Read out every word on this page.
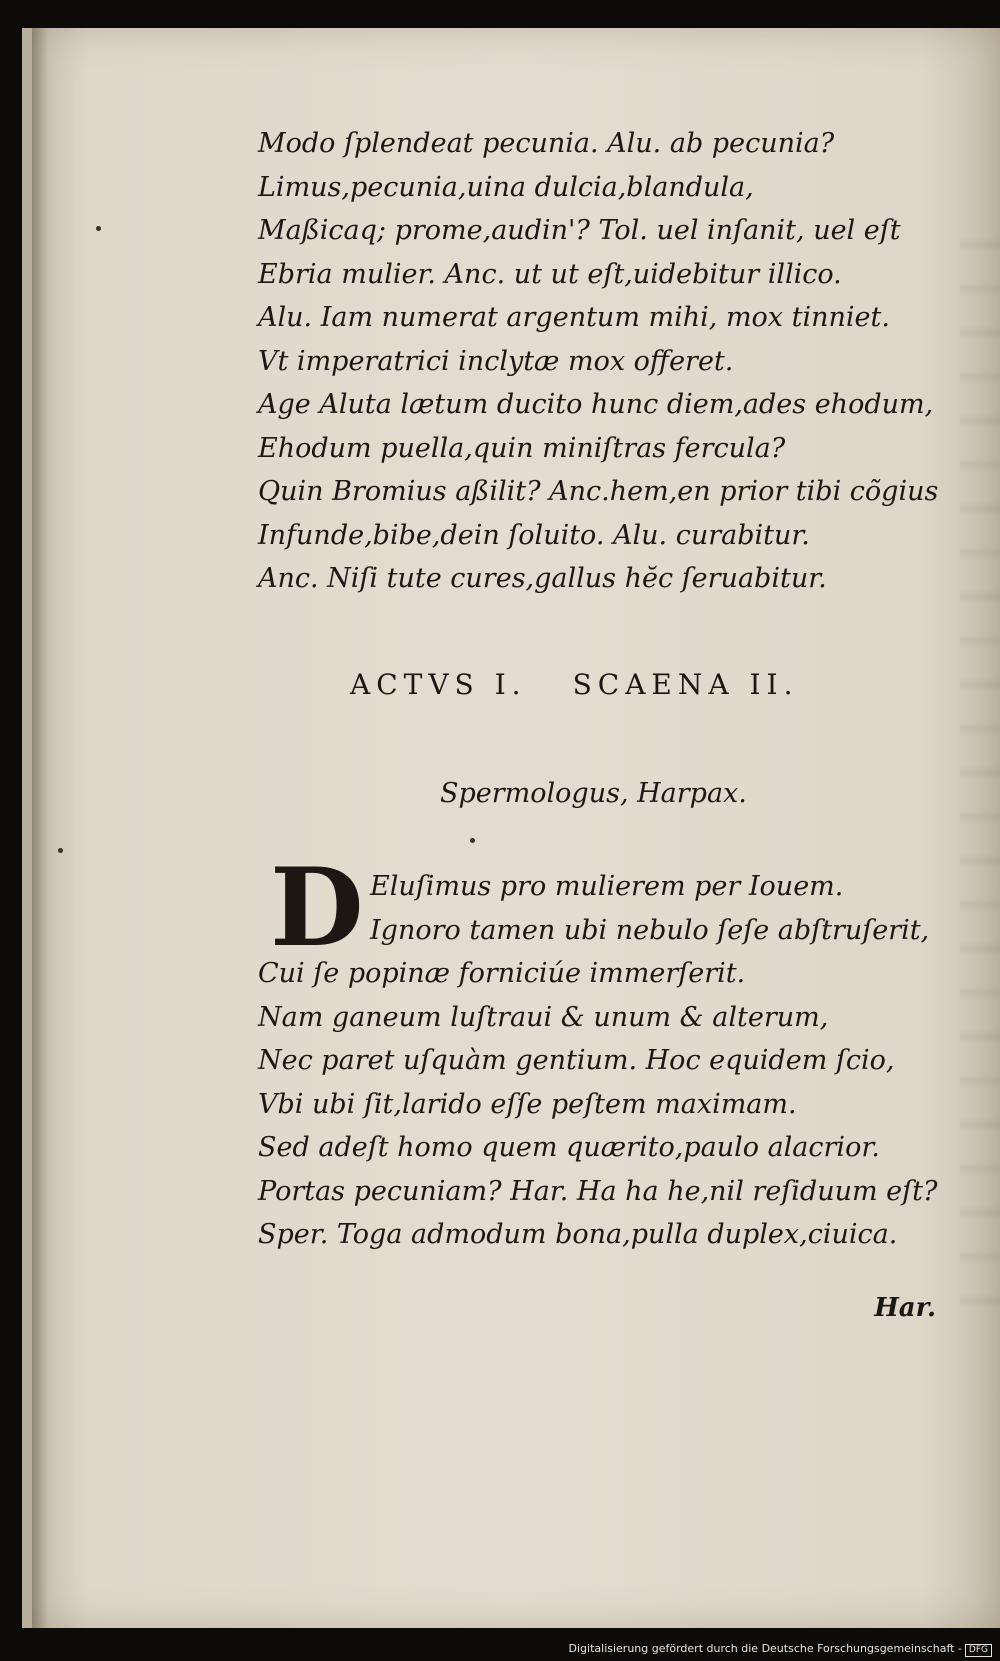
Modo ſplendeat pecunia. Alu. ab pecunia?
Limus,pecunia,uina dulcia,blandula,
Maßicaq; prome,audin'? Tol. uel inſanit, uel eſt
Ebria mulier. Anc. ut ut eſt,uidebitur illico.
Alu. Iam numerat argentum mihi, mox tinniet.
Vt imperatrici inclytæ mox offeret.
Age Aluta lætum ducito hunc diem,ades ehodum,
Ehodum puella,quin miniſtras fercula?
Quin Bromius aßilit? Anc.hem,en prior tibi cõgius
Infunde,bibe,dein ſoluito. Alu. curabitur.
Anc. Niſi tute cures,gallus hĕc ſeruabitur.
ACTVS I. SCAENA II.
Spermologus, Harpax.
D Eluſimus pro mulierem per Iouem.
Ignoro tamen ubi nebulo ſeſe abſtruſerit,
Cui ſe popinæ forniciúe immerſerit.
Nam ganeum luſtraui & unum & alterum,
Nec paret uſquàm gentium. Hoc equidem ſcio,
Vbi ubi ſit,larido eſſe peſtem maximam.
Sed adeſt homo quem quærito,paulo alacrior.
Portas pecuniam? Har. Ha ha he,nil reſiduum eſt?
Sper. Toga admodum bona,pulla duplex,ciuica.
Har.
Digitalisierung gefördert durch die Deutsche Forschungsgemeinschaft - DFG
